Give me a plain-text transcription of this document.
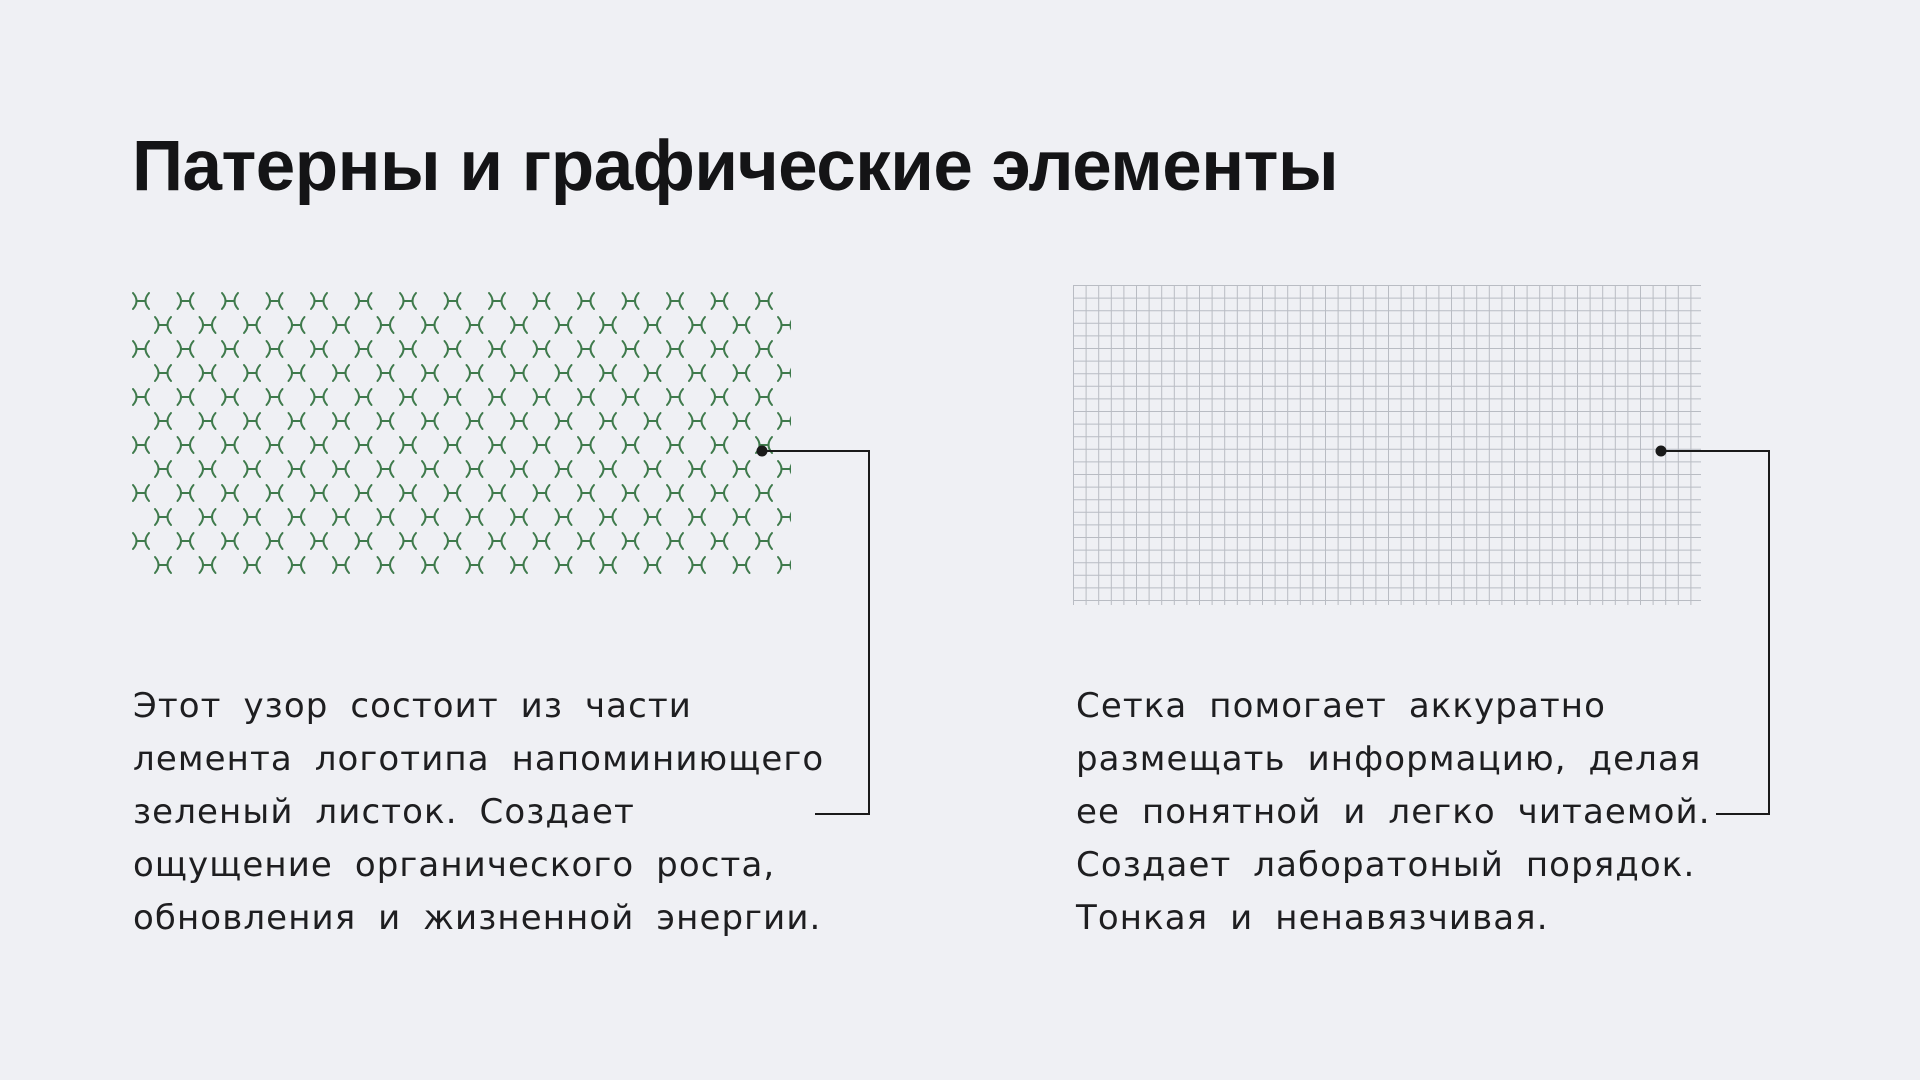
Патерны и графические элементы

Этот узор состоит из части
лемента логотипа напоминиющего
зеленый листок. Создает
ощущение органического роста,
обновления и жизненной энергии.

Сетка помогает аккуратно
размещать информацию, делая
ее понятной и легко читаемой.
Создает лаборатоный порядок.
Тонкая и ненавязчивая.
